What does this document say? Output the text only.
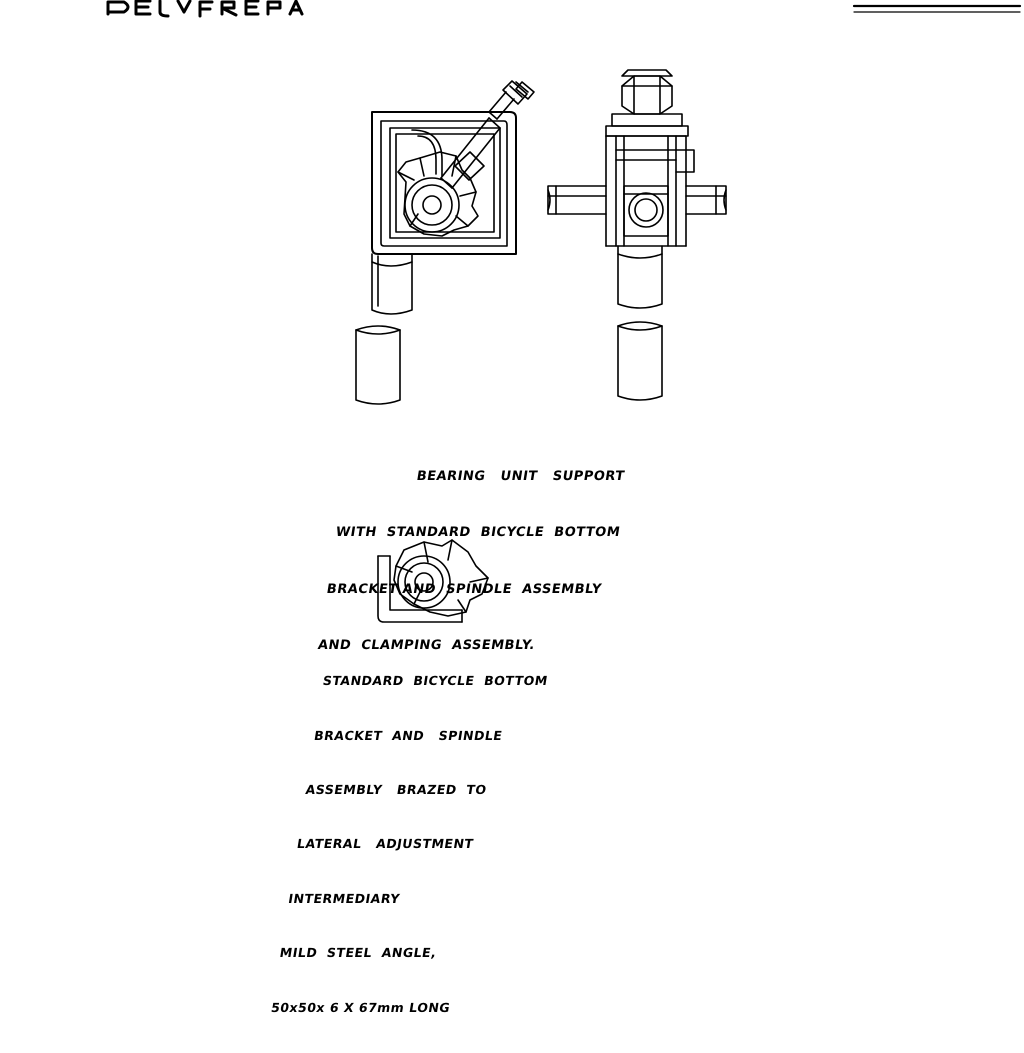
BEARING   UNIT   SUPPORT

WITH  STANDARD  BICYCLE  BOTTOM

BRACKET AND  SPINDLE  ASSEMBLY

AND  CLAMPING  ASSEMBLY.

STANDARD  BICYCLE  BOTTOM

BRACKET  AND   SPINDLE

ASSEMBLY   BRAZED  TO

LATERAL   ADJUSTMENT

INTERMEDIARY

MILD  STEEL  ANGLE,

50x50x 6 X 67mm LONG
